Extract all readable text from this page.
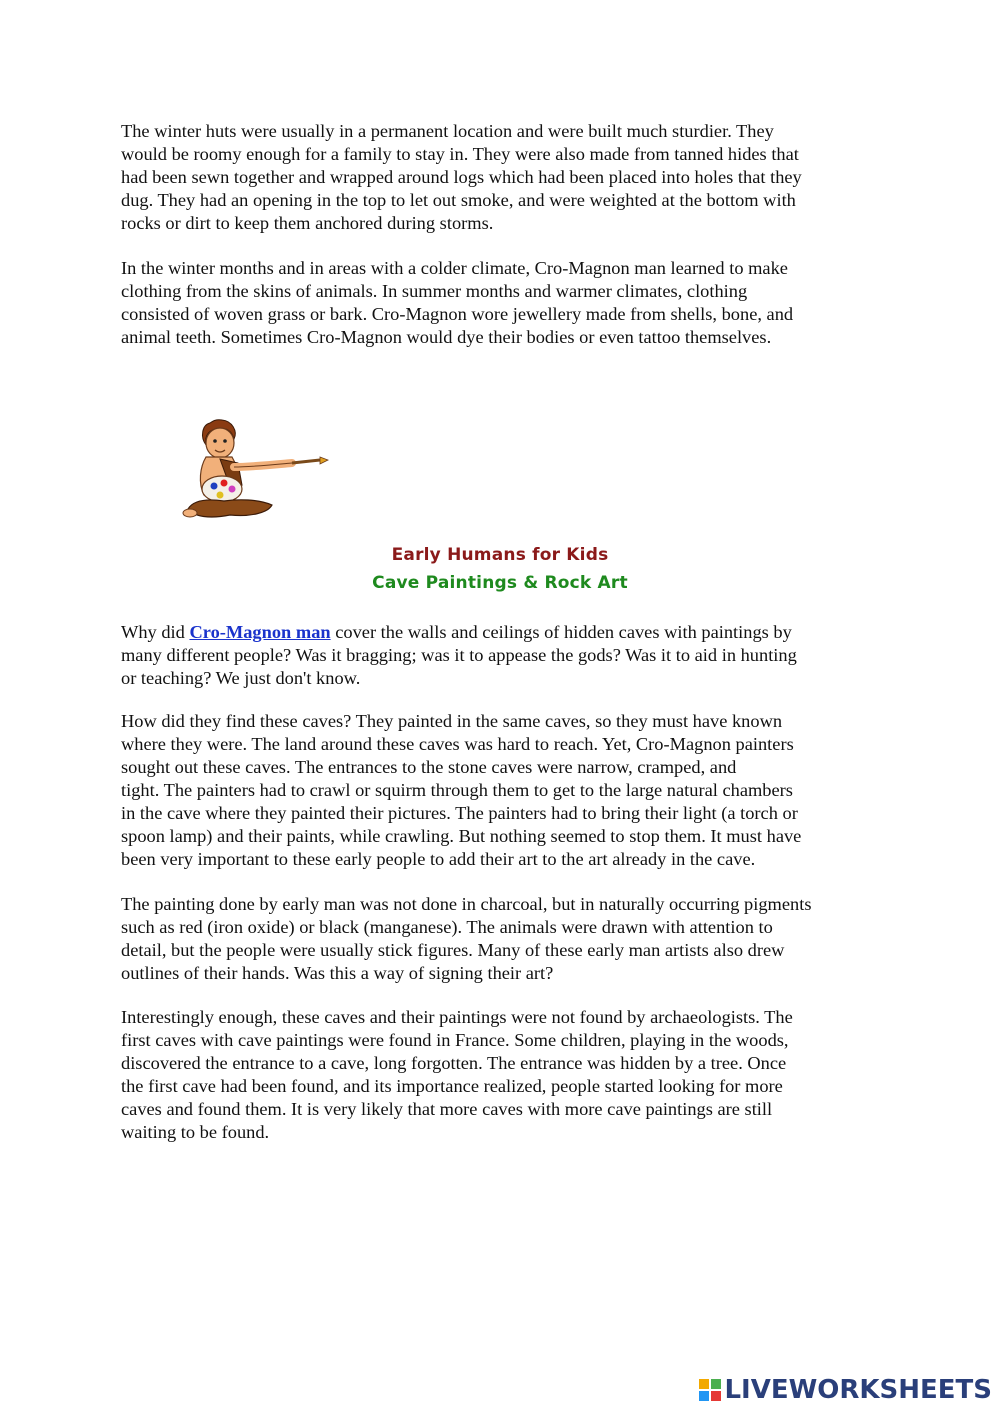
The winter huts were usually in a permanent location and were built much sturdier. They
would be roomy enough for a family to stay in. They were also made from tanned hides that
had been sewn together and wrapped around logs which had been placed into holes that they
dug. They had an opening in the top to let out smoke, and were weighted at the bottom with
rocks or dirt to keep them anchored during storms.

In the winter months and in areas with a colder climate, Cro-Magnon man learned to make
clothing from the skins of animals. In summer months and warmer climates, clothing
consisted of woven grass or bark. Cro-Magnon wore jewellery made from shells, bone, and
animal teeth. Sometimes Cro-Magnon would dye their bodies or even tattoo themselves.

Early Humans for Kids
Cave Paintings & Rock Art

Why did Cro-Magnon man cover the walls and ceilings of hidden caves with paintings by
many different people? Was it bragging; was it to appease the gods? Was it to aid in hunting
or teaching? We just don't know.

How did they find these caves? They painted in the same caves, so they must have known
where they were. The land around these caves was hard to reach. Yet, Cro-Magnon painters
sought out these caves. The entrances to the stone caves were narrow, cramped, and
tight. The painters had to crawl or squirm through them to get to the large natural chambers
in the cave where they painted their pictures. The painters had to bring their light (a torch or
spoon lamp) and their paints, while crawling. But nothing seemed to stop them. It must have
been very important to these early people to add their art to the art already in the cave.

The painting done by early man was not done in charcoal, but in naturally occurring pigments
such as red (iron oxide) or black (manganese). The animals were drawn with attention to
detail, but the people were usually stick figures. Many of these early man artists also drew
outlines of their hands. Was this a way of signing their art?

Interestingly enough, these caves and their paintings were not found by archaeologists. The
first caves with cave paintings were found in France. Some children, playing in the woods,
discovered the entrance to a cave, long forgotten. The entrance was hidden by a tree. Once
the first cave had been found, and its importance realized, people started looking for more
caves and found them. It is very likely that more caves with more cave paintings are still
waiting to be found.

LIVEWORKSHEETS
